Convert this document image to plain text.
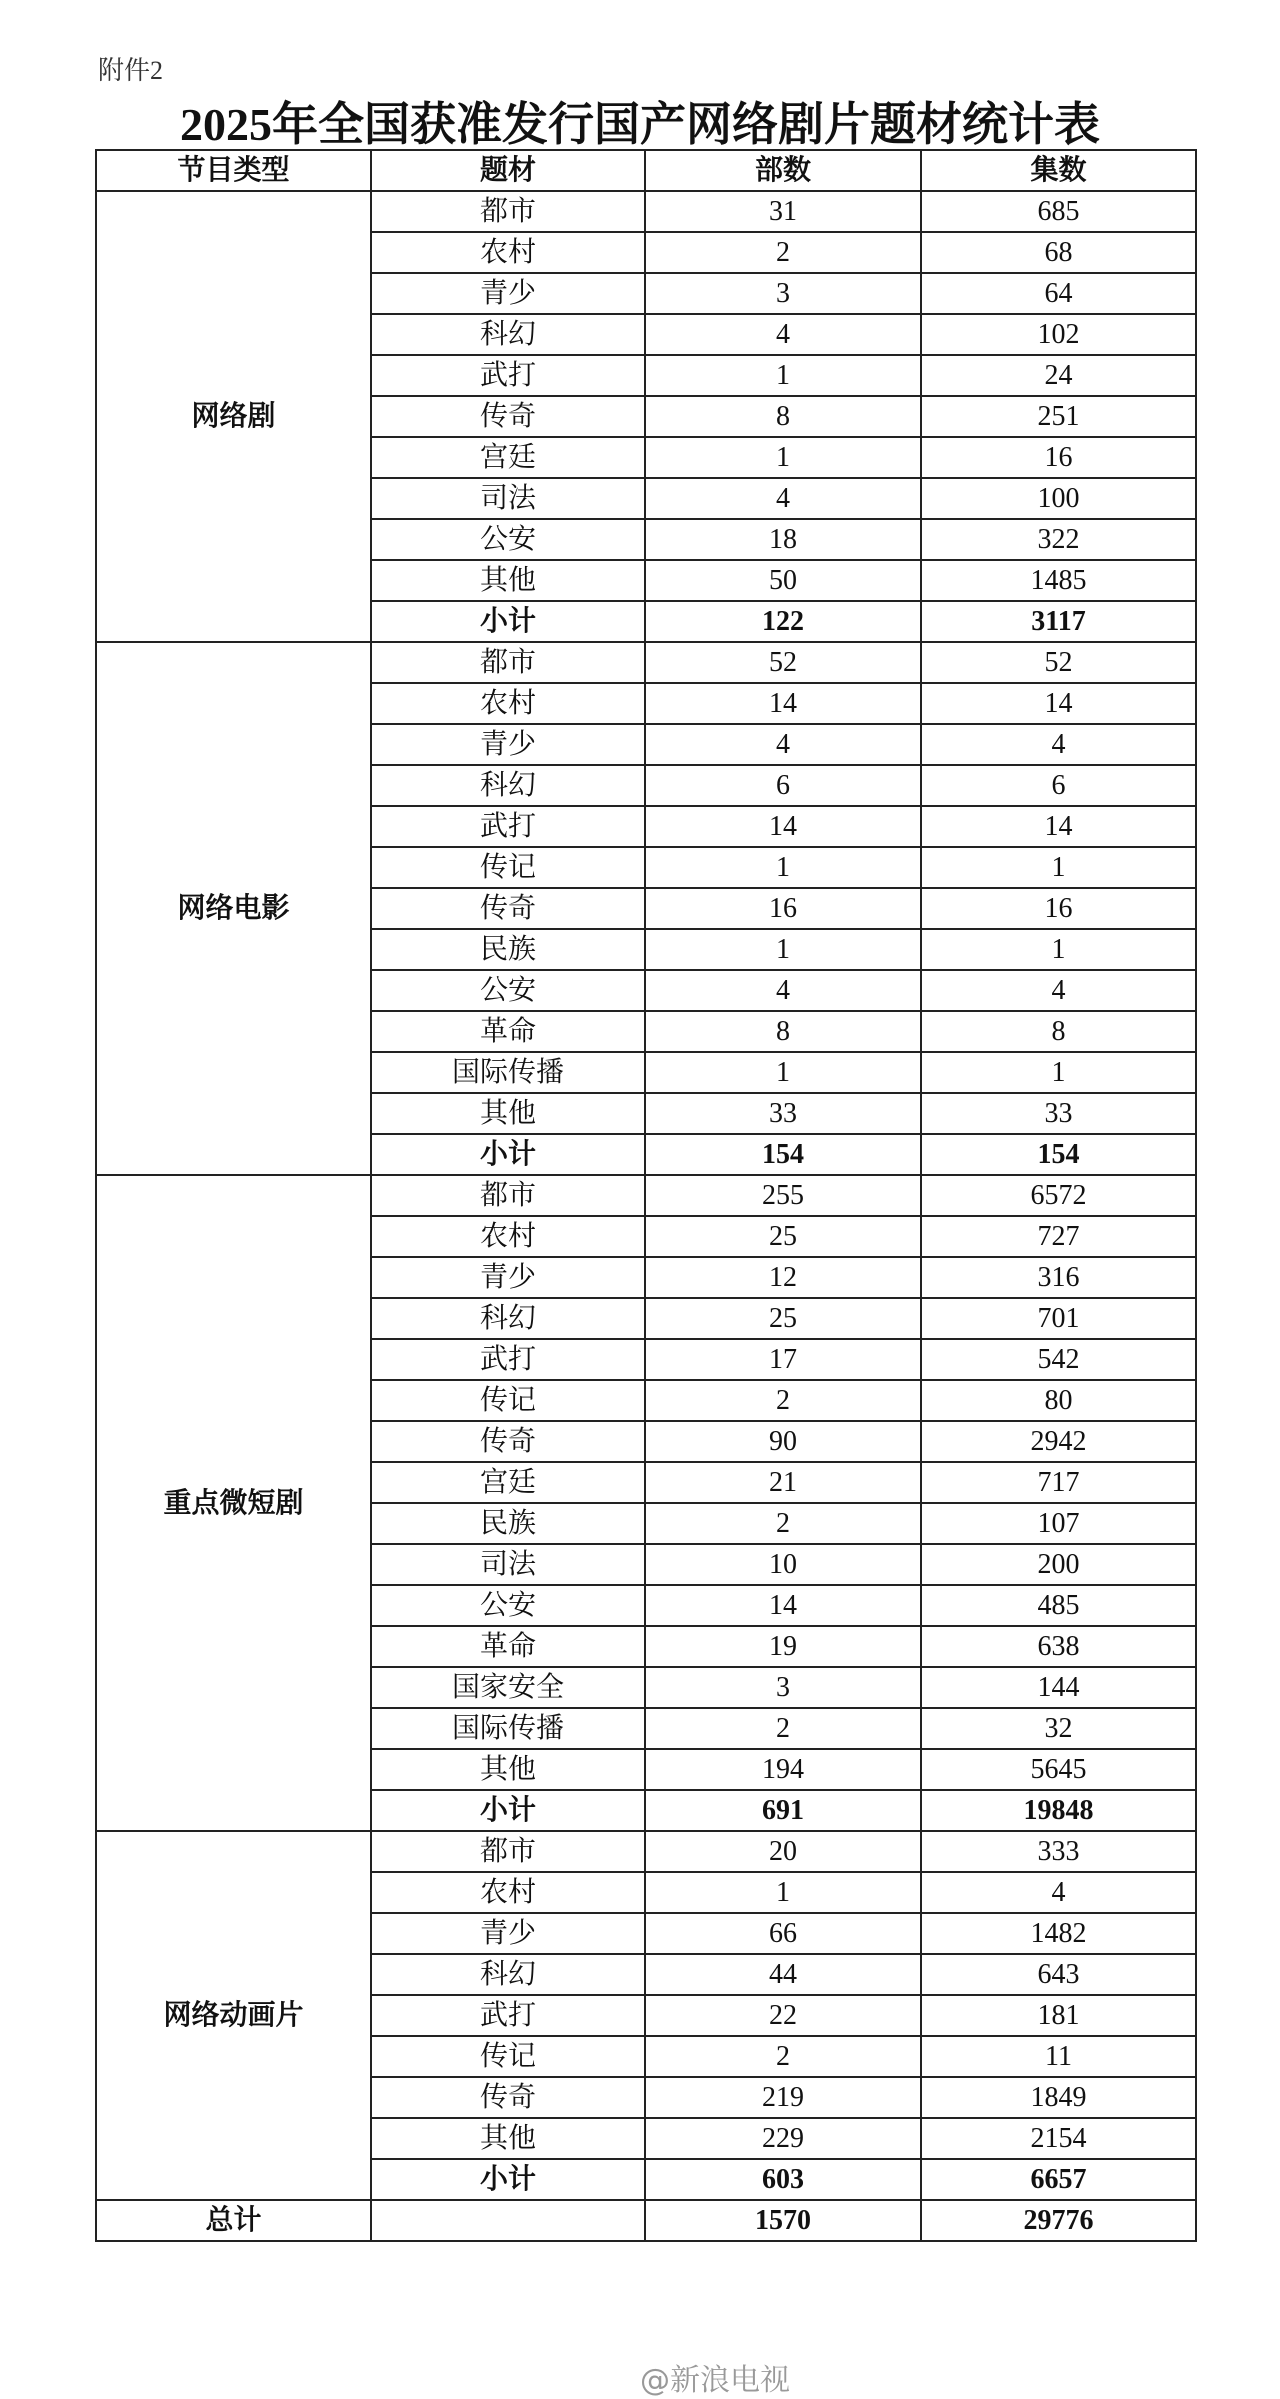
附件2
2025年全国获准发行国产网络剧片题材统计表
节目类型	题材	部数	集数
网络剧	都市	31	685
	农村	2	68
	青少	3	64
	科幻	4	102
	武打	1	24
	传奇	8	251
	宫廷	1	16
	司法	4	100
	公安	18	322
	其他	50	1485
	小计	122	3117
网络电影	都市	52	52
	农村	14	14
	青少	4	4
	科幻	6	6
	武打	14	14
	传记	1	1
	传奇	16	16
	民族	1	1
	公安	4	4
	革命	8	8
	国际传播	1	1
	其他	33	33
	小计	154	154
重点微短剧	都市	255	6572
	农村	25	727
	青少	12	316
	科幻	25	701
	武打	17	542
	传记	2	80
	传奇	90	2942
	宫廷	21	717
	民族	2	107
	司法	10	200
	公安	14	485
	革命	19	638
	国家安全	3	144
	国际传播	2	32
	其他	194	5645
	小计	691	19848
网络动画片	都市	20	333
	农村	1	4
	青少	66	1482
	科幻	44	643
	武打	22	181
	传记	2	11
	传奇	219	1849
	其他	229	2154
	小计	603	6657
总计		1570	29776
@新浪电视
